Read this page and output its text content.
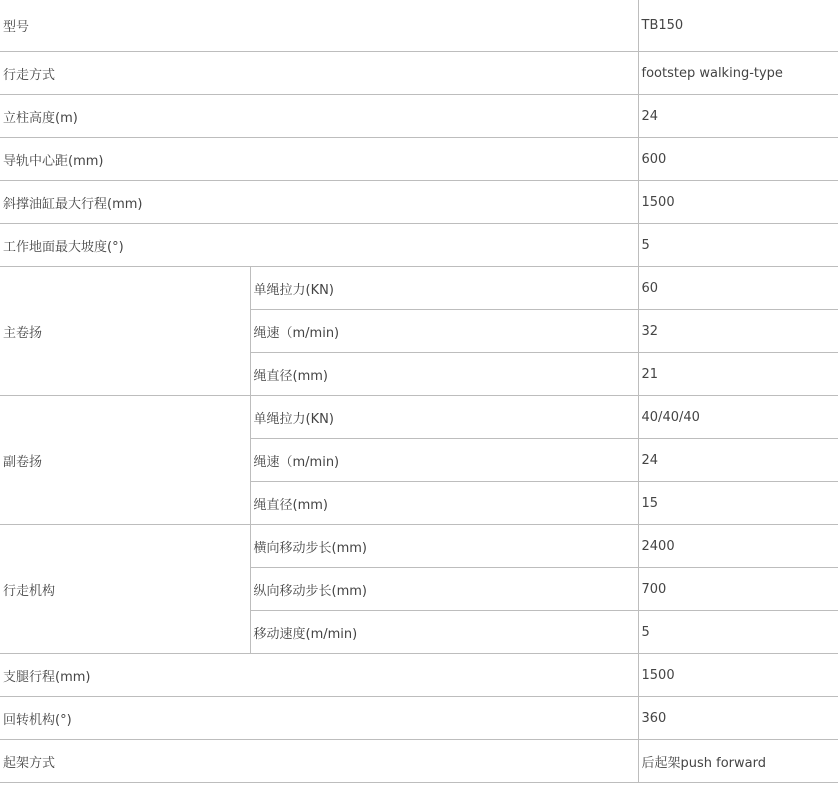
型号		TB150
行走方式		footstep walking-type
立柱高度(m)		24
导轨中心距(mm)		600
斜撑油缸最大行程(mm)		1500
工作地面最大坡度(°)		5
主卷扬	单绳拉力(KN)	60
	绳速（m/min)	32
	绳直径(mm)	21
副卷扬	单绳拉力(KN)	40/40/40
	绳速（m/min)	24
	绳直径(mm)	15
行走机构	横向移动步长(mm)	2400
	纵向移动步长(mm)	700
	移动速度(m/min)	5
支腿行程(mm)		1500
回转机构(°)		360
起架方式		后起架push forward
